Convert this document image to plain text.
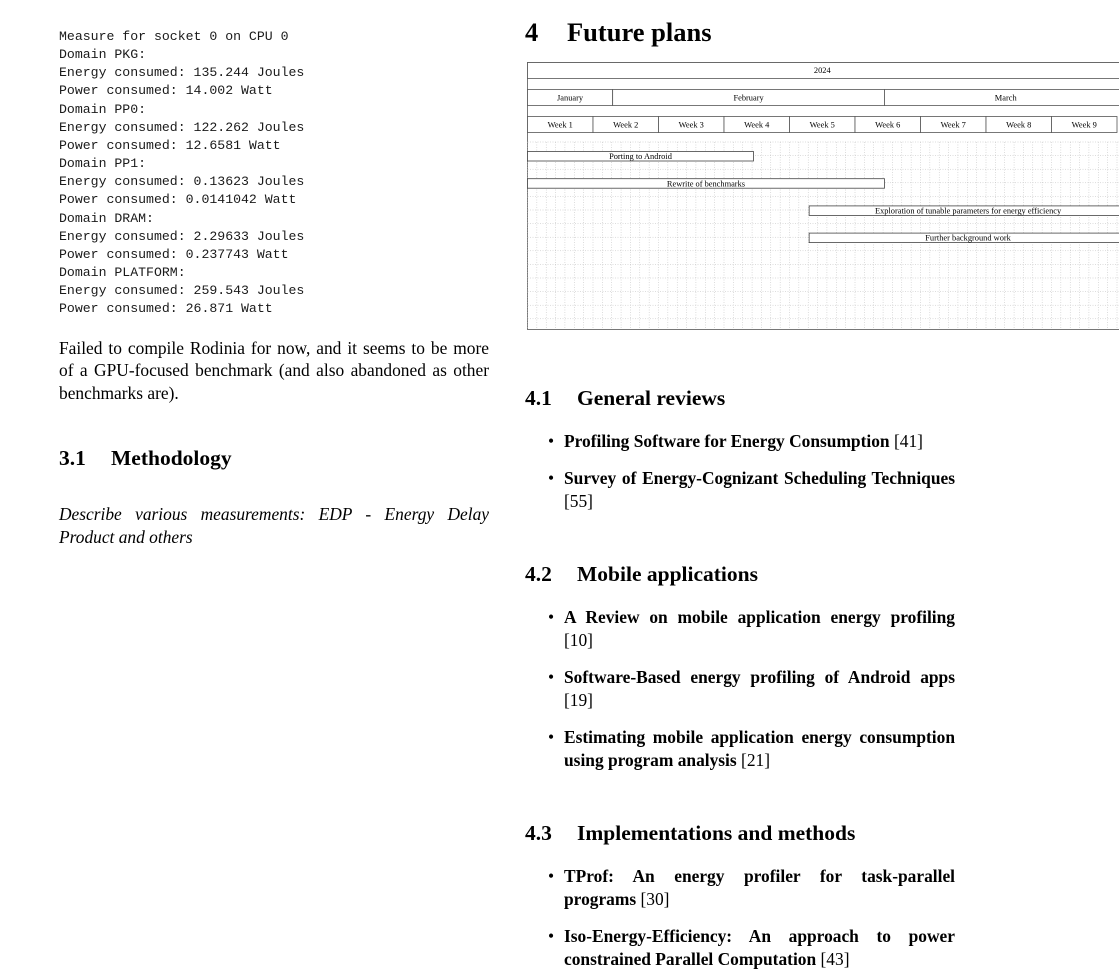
Measure for socket 0 on CPU 0
Domain PKG:
Energy consumed: 135.244 Joules
Power consumed: 14.002 Watt
Domain PP0:
Energy consumed: 122.262 Joules
Power consumed: 12.6581 Watt
Domain PP1:
Energy consumed: 0.13623 Joules
Power consumed: 0.0141042 Watt
Domain DRAM:
Energy consumed: 2.29633 Joules
Power consumed: 0.237743 Watt
Domain PLATFORM:
Energy consumed: 259.543 Joules
Power consumed: 26.871 Watt

Failed to compile Rodinia for now, and it seems to be more of a GPU-focused benchmark (and also abandoned as other benchmarks are).

3.1 Methodology

Describe various measurements: EDP - Energy Delay Product and others

4 Future plans
2024
January	February	March
Week 1	Week 2	Week 3	Week 4	Week 5	Week 6	Week 7	Week 8	Week 9
Porting to Android
Rewrite of benchmarks
Exploration of tunable parameters for energy efficiency
Further background work
4.1 General reviews
• Profiling Software for Energy Consumption [41]
• Survey of Energy-Cognizant Scheduling Techniques [55]
4.2 Mobile applications
• A Review on mobile application energy profiling [10]
• Software-Based energy profiling of Android apps [19]
• Estimating mobile application energy consumption using program analysis [21]
4.3 Implementations and methods
• TProf: An energy profiler for task-parallel programs [30]
• Iso-Energy-Efficiency: An approach to power constrained Parallel Computation [43]
